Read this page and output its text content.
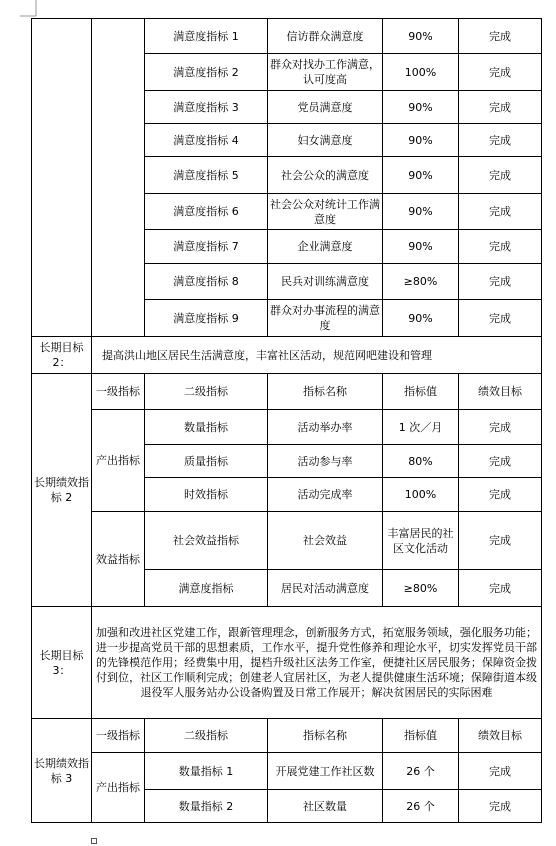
		满意度指标 1	信访群众满意度	90%	完成
		满意度指标 2	群众对找办工作满意，认可度高	100%	完成
		满意度指标 3	党员满意度	90%	完成
		满意度指标 4	妇女满意度	90%	完成
		满意度指标 5	社会公众的满意度	90%	完成
		满意度指标 6	社会公众对统计工作满意度	90%	完成
		满意度指标 7	企业满意度	90%	完成
		满意度指标 8	民兵对训练满意度	≥80%	完成
		满意度指标 9	群众对办事流程的满意度	90%	完成
长期目标 2：	提高洪山地区居民生活满意度，丰富社区活动，规范网吧建设和管理				
长期绩效指标 2	一级指标	二级指标	指标名称	指标值	绩效目标
	产出指标	数量指标	活动举办率	1 次／月	完成
		质量指标	活动参与率	80%	完成
		时效指标	活动完成率	100%	完成
	效益指标	社会效益指标	社会效益	丰富居民的社区文化活动	完成
		满意度指标	居民对活动满意度	≥80%	完成
长期目标 3：	加强和改进社区党建工作，跟新管理理念，创新服务方式，拓宽服务领域，强化服务功能；进一步提高党员干部的思想素质，工作水平，提升党性修养和理论水平，切实发挥党员干部的先锋模范作用；经费集中用，提档升级社区法务工作室，便捷社区居民服务；保障资金拨付到位，社区工作顺利完成；创建老人宜居社区，为老人提供健康生活环境；保障街道本级退役军人服务站办公设备购置及日常工作展开；解决贫困居民的实际困难				
长期绩效指标 3	一级指标	二级指标	指标名称	指标值	绩效目标
	产出指标	数量指标 1	开展党建工作社区数	26 个	完成
		数量指标 2	社区数量	26 个	完成
